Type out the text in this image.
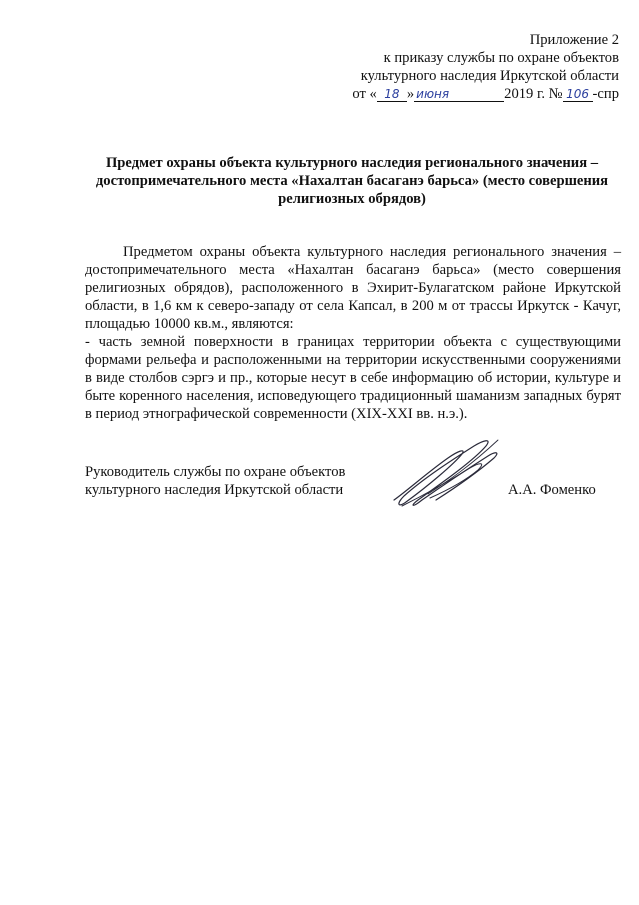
Приложение 2
к приказу службы по охране объектов
культурного наследия Иркутской области
от « 18 » июня	2019 г. № 106 -спр
Предмет охраны объекта культурного наследия регионального значения –
достопримечательного места «Нахалтан басаганэ барьса» (место совершения
религиозных обрядов)

Предметом охраны объекта культурного наследия регионального значения – достопримечательного места «Нахалтан басаганэ барьса» (место совершения религиозных обрядов), расположенного в Эхирит-Булагатском районе Иркутской области, в 1,6 км к северо-западу от села Капсал, в 200 м от трассы Иркутск - Качуг, площадью 10000 кв.м., являются:

- часть земной поверхности в границах территории объекта с существующими формами рельефа и расположенными на территории искусственными сооружениями в виде столбов сэргэ и пр., которые несут в себе информацию об истории, культуре и быте коренного населения, исповедующего традиционный шаманизм западных бурят в период этнографической современности (XIX-XXI вв. н.э.).

Руководитель службы по охране объектов
культурного наследия Иркутской области	А.А. Фоменко
